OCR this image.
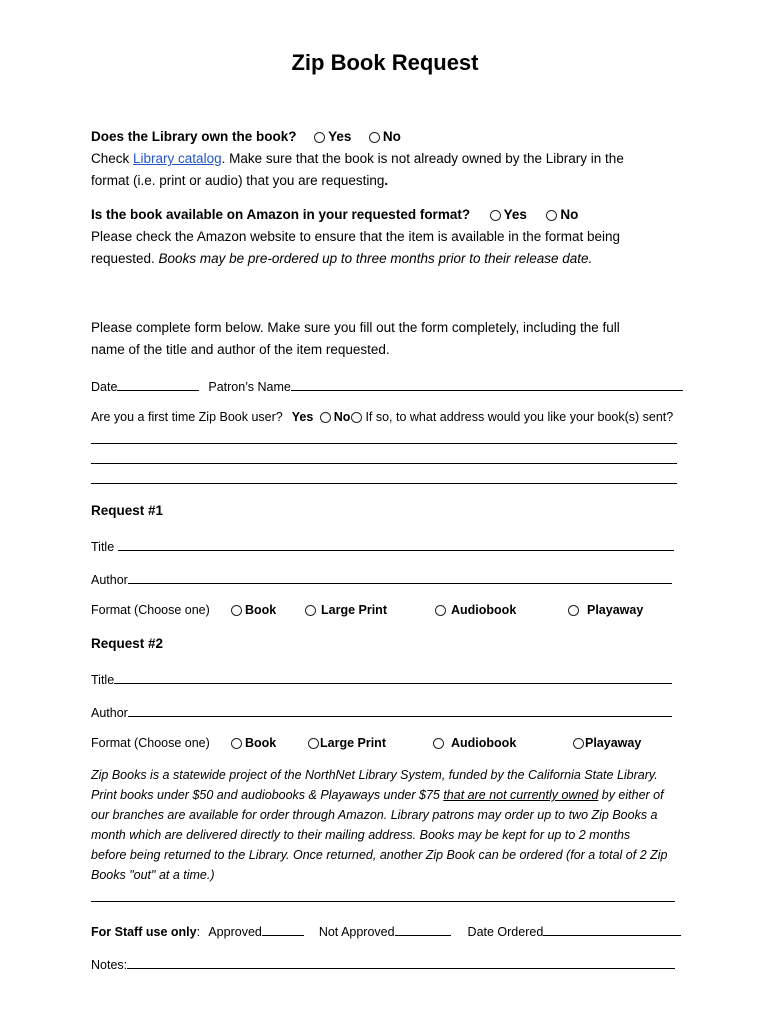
Zip Book Request
Does the Library own the book? Yes No
Check Library catalog. Make sure that the book is not already owned by the Library in the
format (i.e. print or audio) that you are requesting.
Is the book available on Amazon in your requested format? Yes No
Please check the Amazon website to ensure that the item is available in the format being
requested. Books may be pre-ordered up to three months prior to their release date.
Please complete form below. Make sure you fill out the form completely, including the full
name of the title and author of the item requested.
Date	Patron’s Name
Are you a first time Zip Book user? Yes No If so, to what address would you like your book(s) sent?
Request #1
Title
Author
Format (Choose one)	Book	Large Print	Audiobook	Playaway
Request #2
Title
Author
Format (Choose one)	Book	Large Print	Audiobook	Playaway
Zip Books is a statewide project of the NorthNet Library System, funded by the California State Library.
Print books under $50 and audiobooks & Playaways under $75 that are not currently owned by either of
our branches are available for order through Amazon. Library patrons may order up to two Zip Books a
month which are delivered directly to their mailing address. Books may be kept for up to 2 months
before being returned to the Library. Once returned, another Zip Book can be ordered (for a total of 2 Zip
Books "out" at a time.)
For Staff use only: Approved	Not Approved	Date Ordered
Notes:
